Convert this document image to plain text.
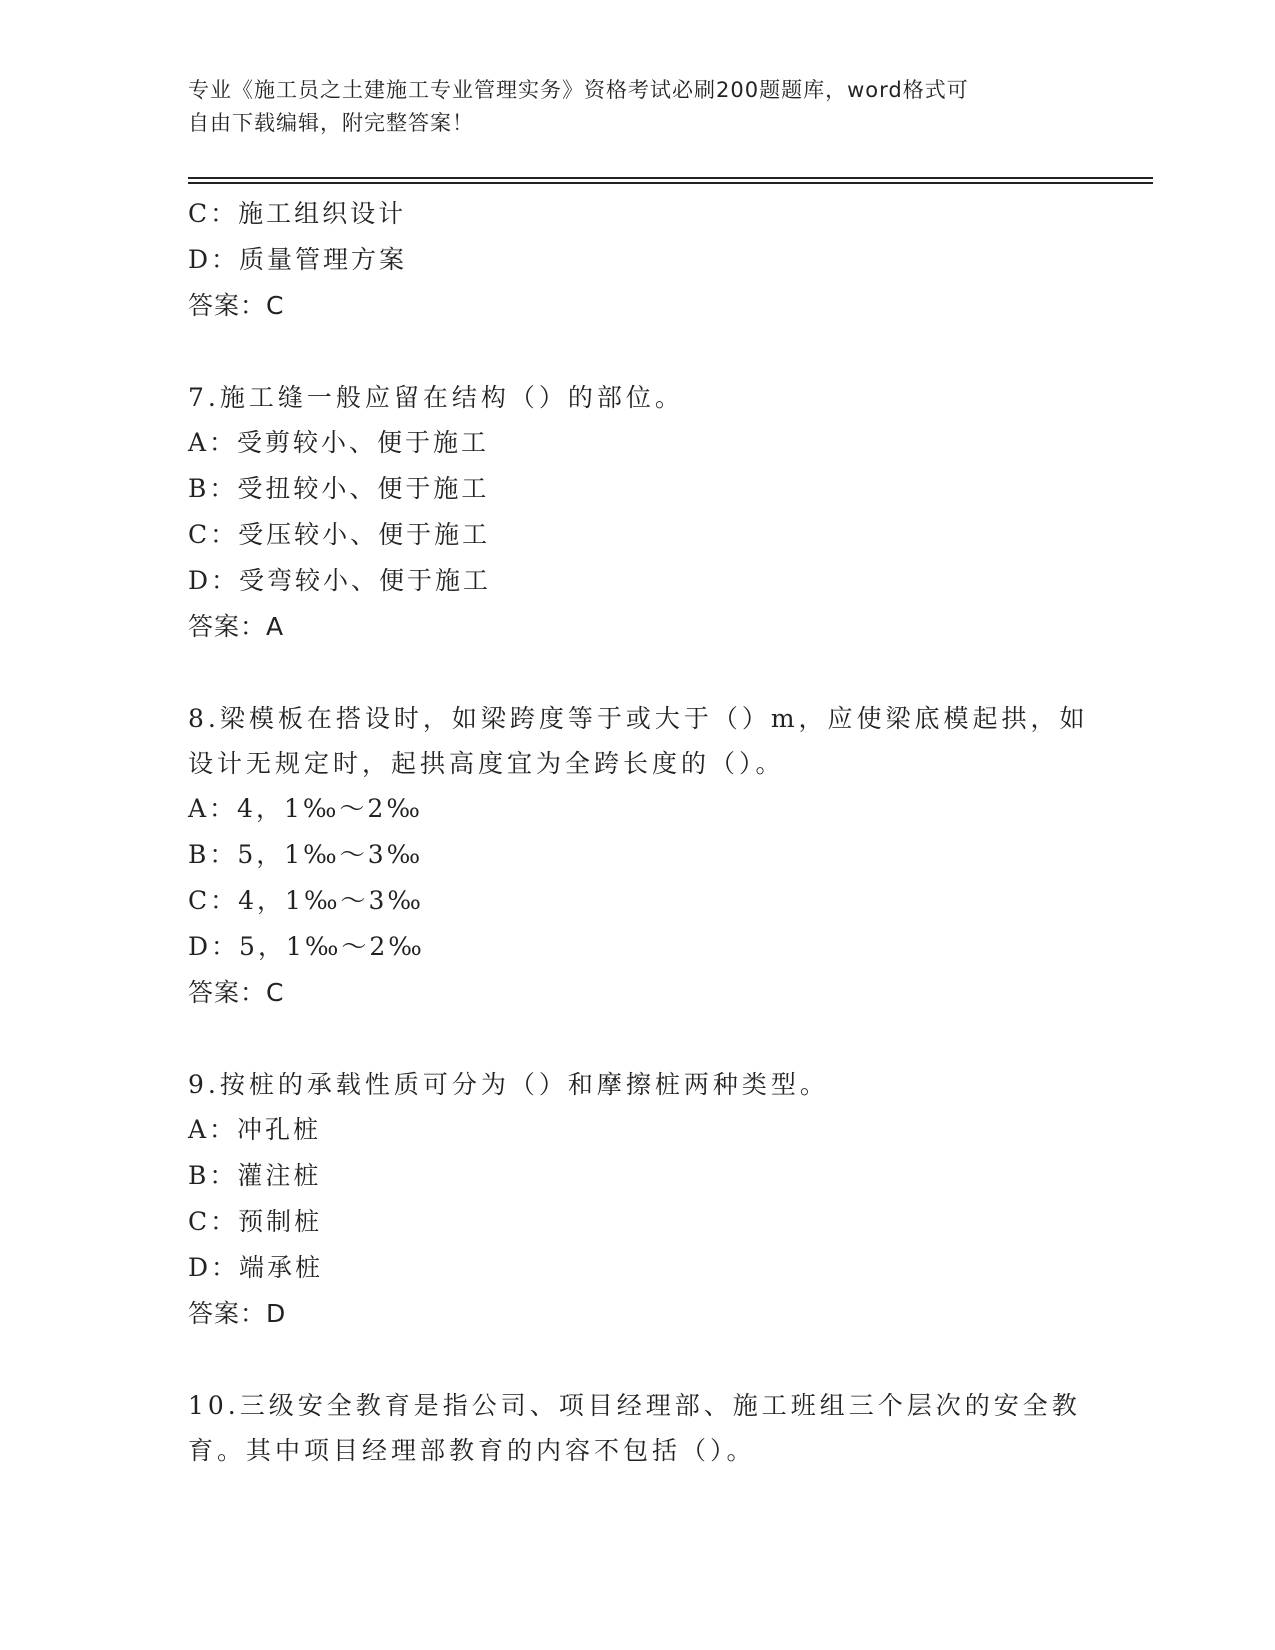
专业《施工员之土建施工专业管理实务》资格考试必刷200题题库，word格式可
自由下载编辑，附完整答案！
C：施工组织设计
D：质量管理方案
答案：C
7.施工缝一般应留在结构（）的部位。
A：受剪较小、便于施工
B：受扭较小、便于施工
C：受压较小、便于施工
D：受弯较小、便于施工
答案：A
8.梁模板在搭设时，如梁跨度等于或大于（）m，应使梁底模起拱，如
设计无规定时，起拱高度宜为全跨长度的（）。
A：4，1‰～2‰
B：5，1‰～3‰
C：4，1‰～3‰
D：5，1‰～2‰
答案：C
9.按桩的承载性质可分为（）和摩擦桩两种类型。
A：冲孔桩
B：灌注桩
C：预制桩
D：端承桩
答案：D
10.三级安全教育是指公司、项目经理部、施工班组三个层次的安全教
育。其中项目经理部教育的内容不包括（）。
